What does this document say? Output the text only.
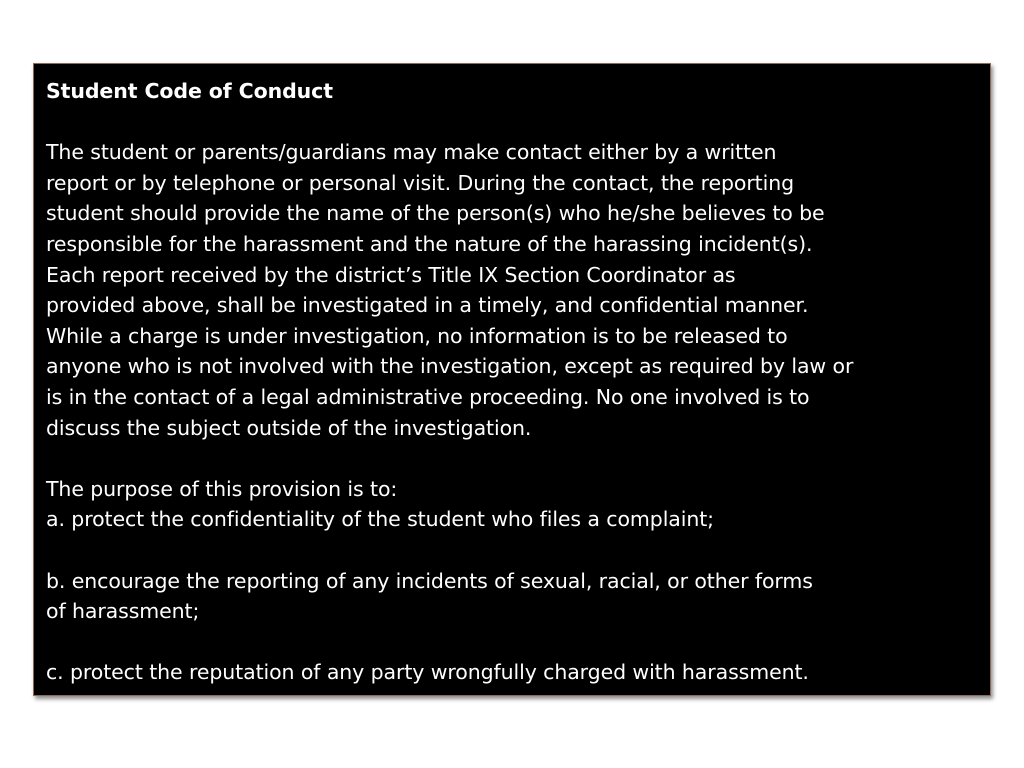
Student Code of Conduct

The student or parents/guardians may make contact either by a written

report or by telephone or personal visit. During the contact, the reporting

student should provide the name of the person(s) who he/she believes to be

responsible for the harassment and the nature of the harassing incident(s).

Each report received by the district’s Title IX Section Coordinator as

provided above, shall be investigated in a timely, and confidential manner.

While a charge is under investigation, no information is to be released to

anyone who is not involved with the investigation, except as required by law or

is in the contact of a legal administrative proceeding. No one involved is to

discuss the subject outside of the investigation.

The purpose of this provision is to:

a. protect the confidentiality of the student who files a complaint;

b. encourage the reporting of any incidents of sexual, racial, or other forms

of harassment;

c. protect the reputation of any party wrongfully charged with harassment.
